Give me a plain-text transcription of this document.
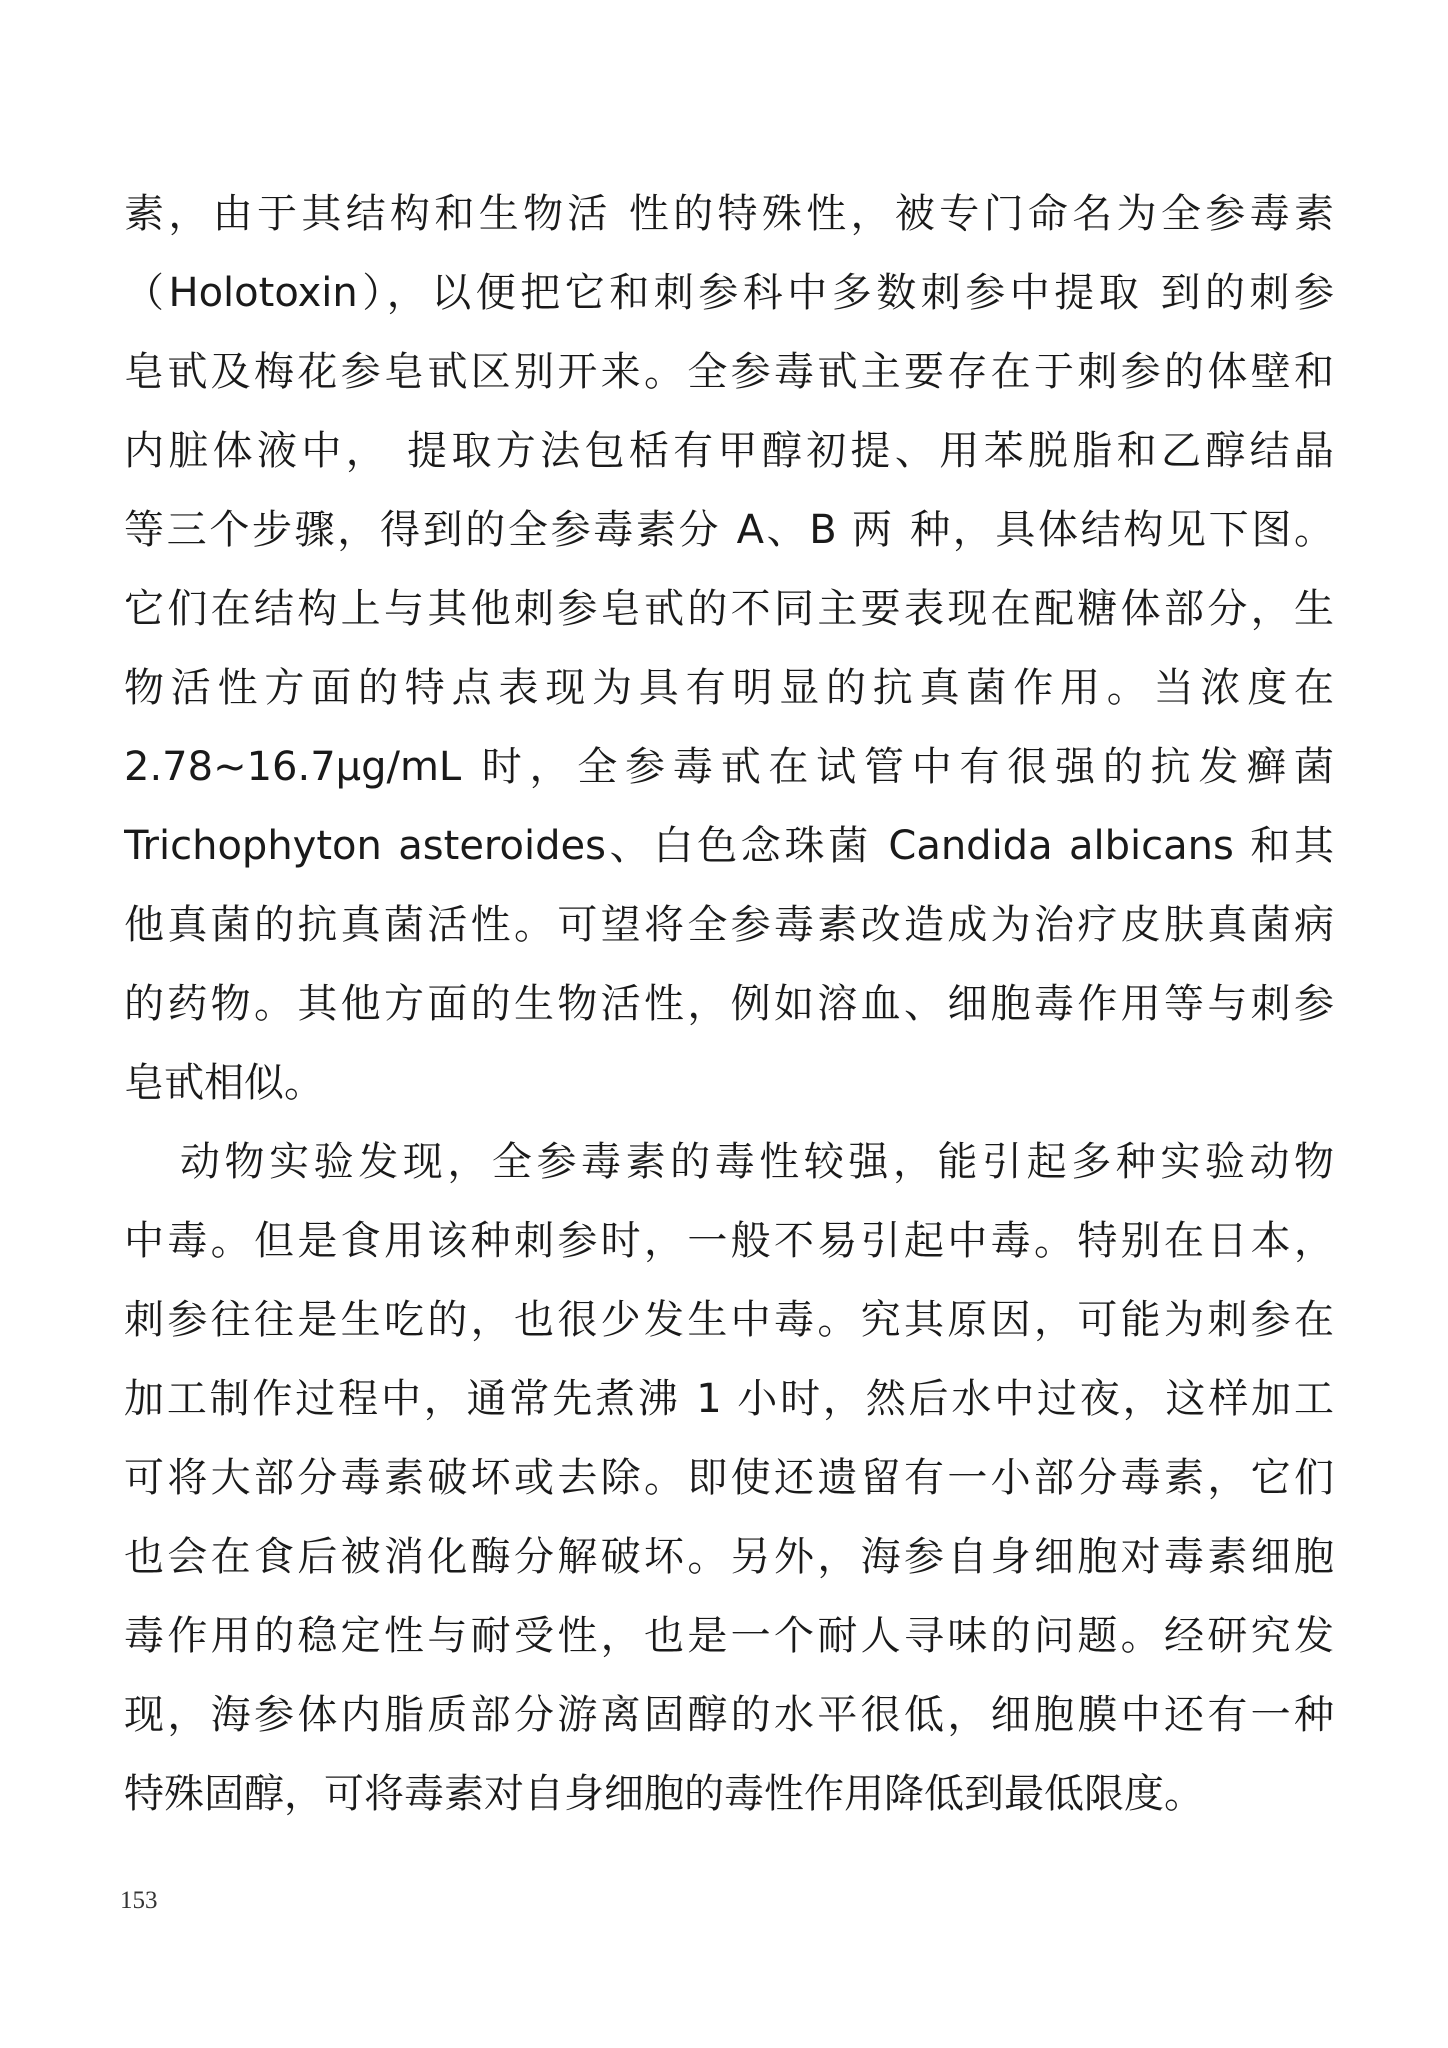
素，由于其结构和生物活 性的特殊性，被专门命名为全参毒素
（Holotoxin），以便把它和刺参科中多数刺参中提取 到的刺参
皂甙及梅花参皂甙区别开来。全参毒甙主要存在于刺参的体壁和
内脏体液中， 提取方法包栝有甲醇初提、用苯脱脂和乙醇结晶
等三个步骤，得到的全参毒素分 A、B 两 种，具体结构见下图。
它们在结构上与其他刺参皂甙的不同主要表现在配糖体部分，生
物活性方面的特点表现为具有明显的抗真菌作用。当浓度在
2.78~16.7μg/mL 时，全参毒甙在试管中有很强的抗发癣菌
Trichophyton asteroides、白色念珠菌 Candida albicans 和其
他真菌的抗真菌活性。可望将全参毒素改造成为治疗皮肤真菌病
的药物。其他方面的生物活性，例如溶血、细胞毒作用等与刺参
皂甙相似。
动物实验发现，全参毒素的毒性较强，能引起多种实验动物
中毒。但是食用该种刺参时，一般不易引起中毒。特别在日本，
刺参往往是生吃的，也很少发生中毒。究其原因，可能为刺参在
加工制作过程中，通常先煮沸 1 小时，然后水中过夜，这样加工
可将大部分毒素破坏或去除。即使还遗留有一小部分毒素，它们
也会在食后被消化酶分解破坏。另外，海参自身细胞对毒素细胞
毒作用的稳定性与耐受性，也是一个耐人寻味的问题。经研究发
现，海参体内脂质部分游离固醇的水平很低，细胞膜中还有一种
特殊固醇，可将毒素对自身细胞的毒性作用降低到最低限度。
153
